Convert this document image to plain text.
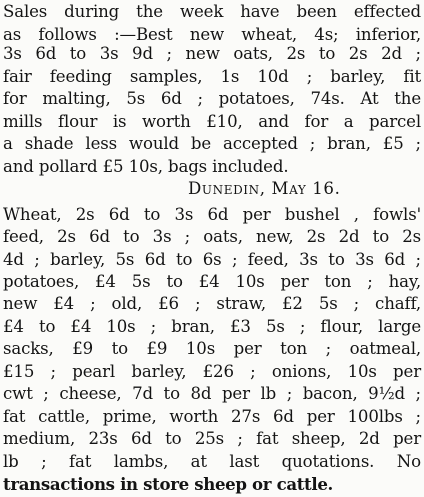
Sales during the week have been effected
as follows :—Best new wheat, 4s; inferior,
3s 6d to 3s 9d ; new oats, 2s to 2s 2d ;
fair feeding samples, 1s 10d ; barley, fit
for malting, 5s 6d ; potatoes, 74s. At the
mills flour is worth £10, and for a parcel
a shade less would be accepted ; bran, £5 ;
and pollard £5 10s, bags included.
Dunedin, May 16.
Wheat, 2s 6d to 3s 6d per bushel , fowls'
feed, 2s 6d to 3s ; oats, new, 2s 2d to 2s
4d ; barley, 5s 6d to 6s ; feed, 3s to 3s 6d ;
potatoes, £4 5s to £4 10s per ton ; hay,
new £4 ; old, £6 ; straw, £2 5s ; chaff,
£4 to £4 10s ; bran, £3 5s ; flour, large
sacks, £9 to £9 10s per ton ; oatmeal,
£15 ; pearl barley, £26 ; onions, 10s per
cwt ; cheese, 7d to 8d per lb ; bacon, 9½d ;
fat cattle, prime, worth 27s 6d per 100lbs ;
medium, 23s 6d to 25s ; fat sheep, 2d per
lb ; fat lambs, at last quotations. No
transactions in store sheep or cattle.
